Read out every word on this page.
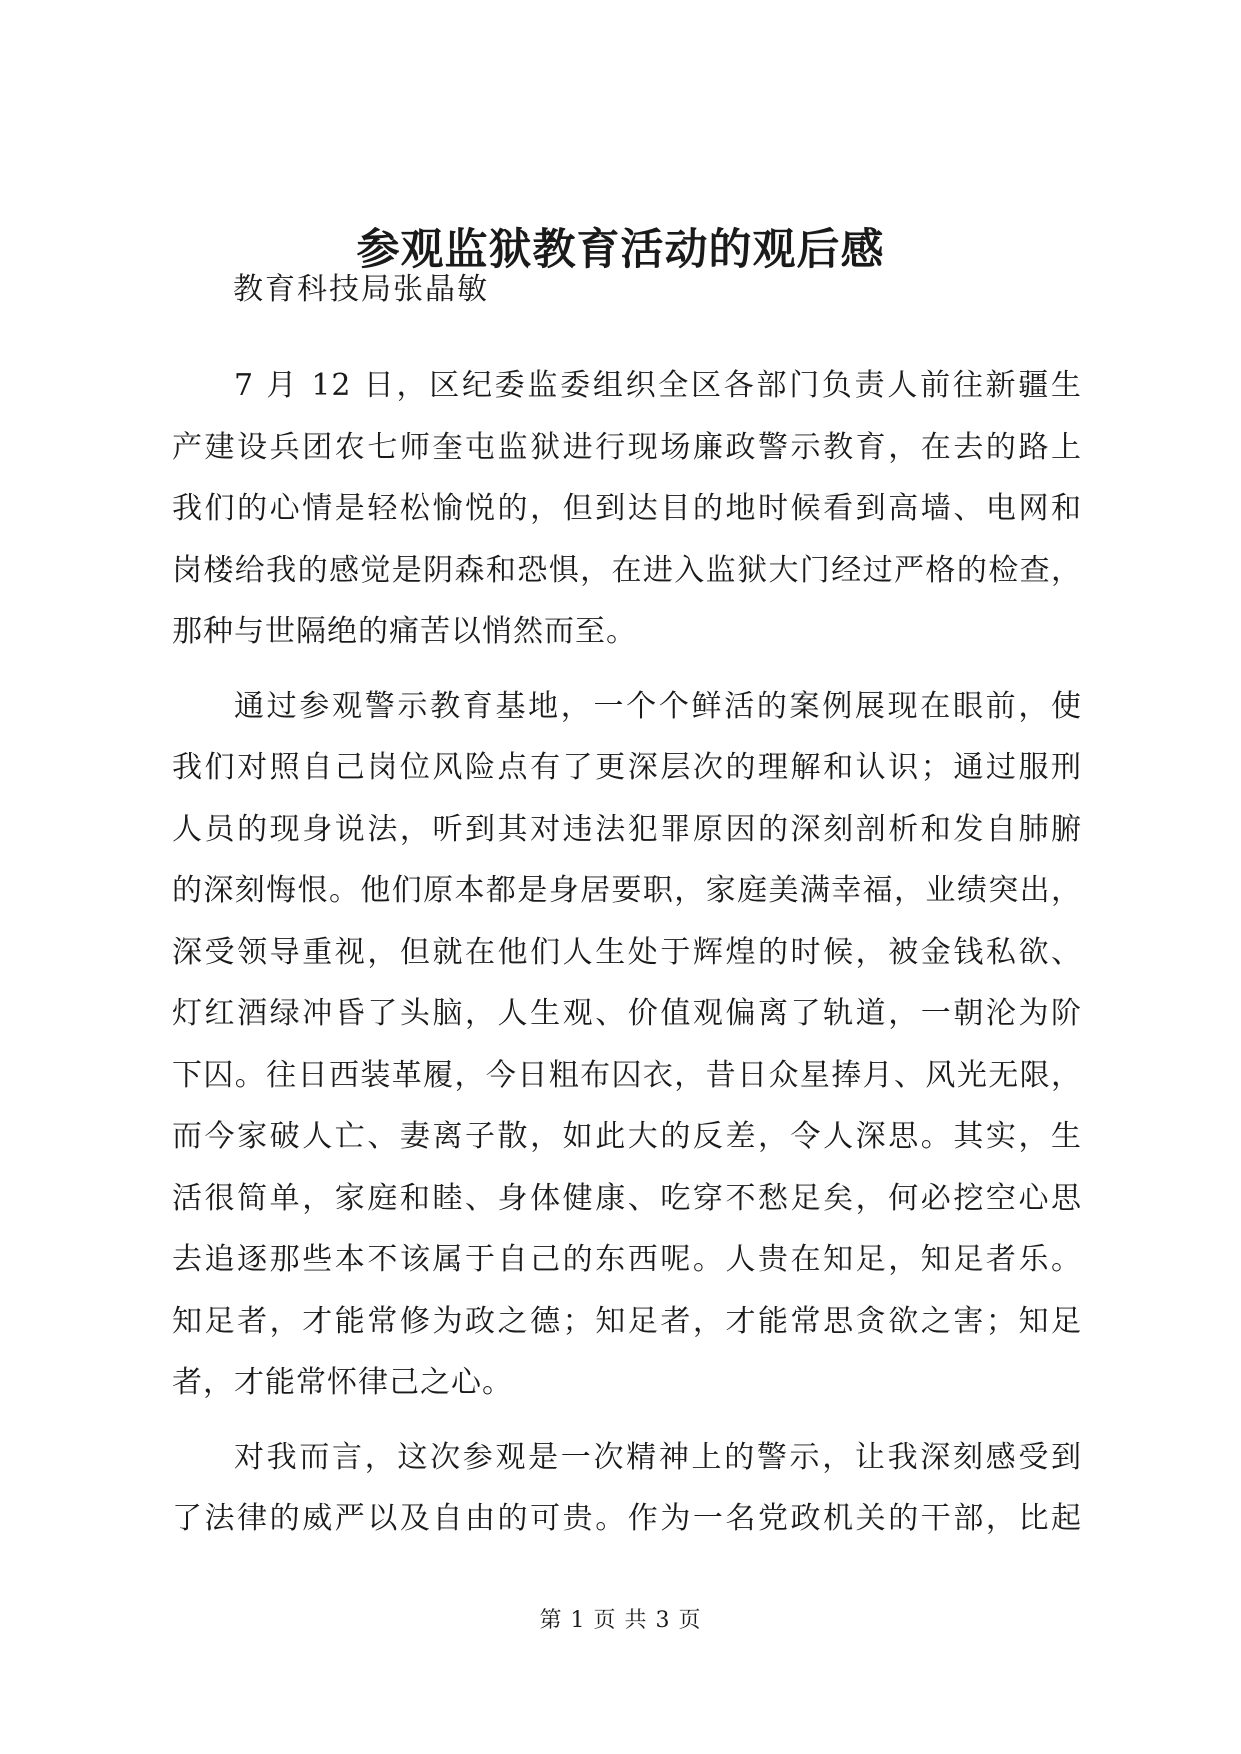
参观监狱教育活动的观后感
教育科技局张晶敏
7 月 12 日，区纪委监委组织全区各部门负责人前往新疆生
产建设兵团农七师奎屯监狱进行现场廉政警示教育，在去的路上
我们的心情是轻松愉悦的，但到达目的地时候看到高墙、电网和
岗楼给我的感觉是阴森和恐惧，在进入监狱大门经过严格的检查，
那种与世隔绝的痛苦以悄然而至。
通过参观警示教育基地，一个个鲜活的案例展现在眼前，使
我们对照自己岗位风险点有了更深层次的理解和认识；通过服刑
人员的现身说法，听到其对违法犯罪原因的深刻剖析和发自肺腑
的深刻悔恨。他们原本都是身居要职，家庭美满幸福，业绩突出，
深受领导重视，但就在他们人生处于辉煌的时候，被金钱私欲、
灯红酒绿冲昏了头脑，人生观、价值观偏离了轨道，一朝沦为阶
下囚。往日西装革履，今日粗布囚衣，昔日众星捧月、风光无限，
而今家破人亡、妻离子散，如此大的反差，令人深思。其实，生
活很简单，家庭和睦、身体健康、吃穿不愁足矣，何必挖空心思
去追逐那些本不该属于自己的东西呢。人贵在知足，知足者乐。
知足者，才能常修为政之德；知足者，才能常思贪欲之害；知足
者，才能常怀律己之心。
对我而言，这次参观是一次精神上的警示，让我深刻感受到
了法律的威严以及自由的可贵。作为一名党政机关的干部，比起
第 1 页 共 3 页
